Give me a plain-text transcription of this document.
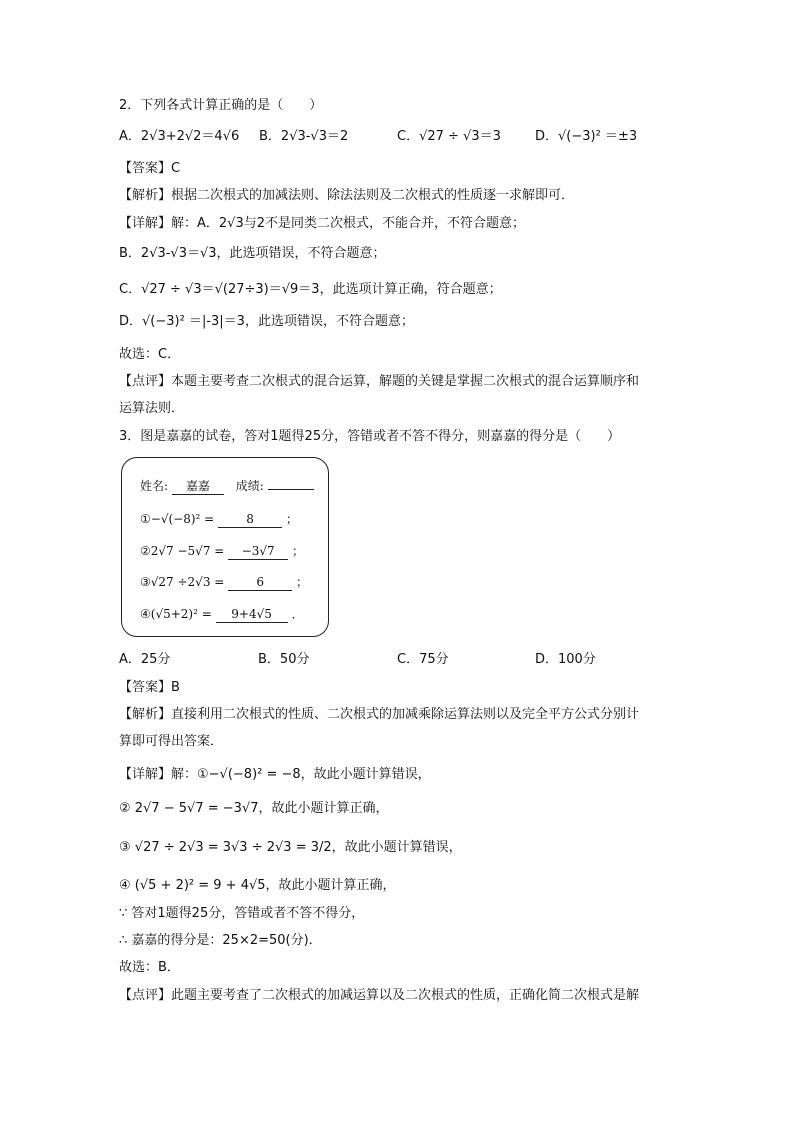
2．下列各式计算正确的是（　　）
A．2√3+2√2＝4√6 B．2√3-√3＝2	C．√27 ÷ √3＝3	D．√(−3)² ＝±3
【答案】C
【解析】根据二次根式的加减法则、除法法则及二次根式的性质逐一求解即可．
【详解】解：A．2√3与2不是同类二次根式，不能合并，不符合题意；
B．2√3-√3＝√3，此选项错误，不符合题意；
C．√27 ÷ √3＝√(27÷3)＝√9＝3，此选项计算正确，符合题意；
D．√(−3)² ＝|-3|＝3，此选项错误，不符合题意；
故选：C．
【点评】本题主要考查二次根式的混合运算，解题的关键是掌握二次根式的混合运算顺序和
运算法则．
3．图是嘉嘉的试卷，答对1题得25分，答错或者不答不得分，则嘉嘉的得分是（　　）
姓名: 嘉嘉 成绩:
①−√(−8)² =	8	；
②2√7 −5√7 = −3√7 ；
③√27 ÷2√3 =	6	；
④(√5+2)² = 9+4√5 ．
A．25分	B．50分	C．75分	D．100分
【答案】B
【解析】直接利用二次根式的性质、二次根式的加减乘除运算法则以及完全平方公式分别计
算即可得出答案．
【详解】解：①−√(−8)² = −8，故此小题计算错误，
② 2√7 − 5√7 = −3√7，故此小题计算正确，
③ √27 ÷ 2√3 = 3√3 ÷ 2√3 = 3/2，故此小题计算错误，
④ (√5 + 2)² = 9 + 4√5，故此小题计算正确，
∵ 答对1题得25分，答错或者不答不得分，
∴ 嘉嘉的得分是：25×2=50(分)．
故选：B．
【点评】此题主要考查了二次根式的加减运算以及二次根式的性质，正确化简二次根式是解
